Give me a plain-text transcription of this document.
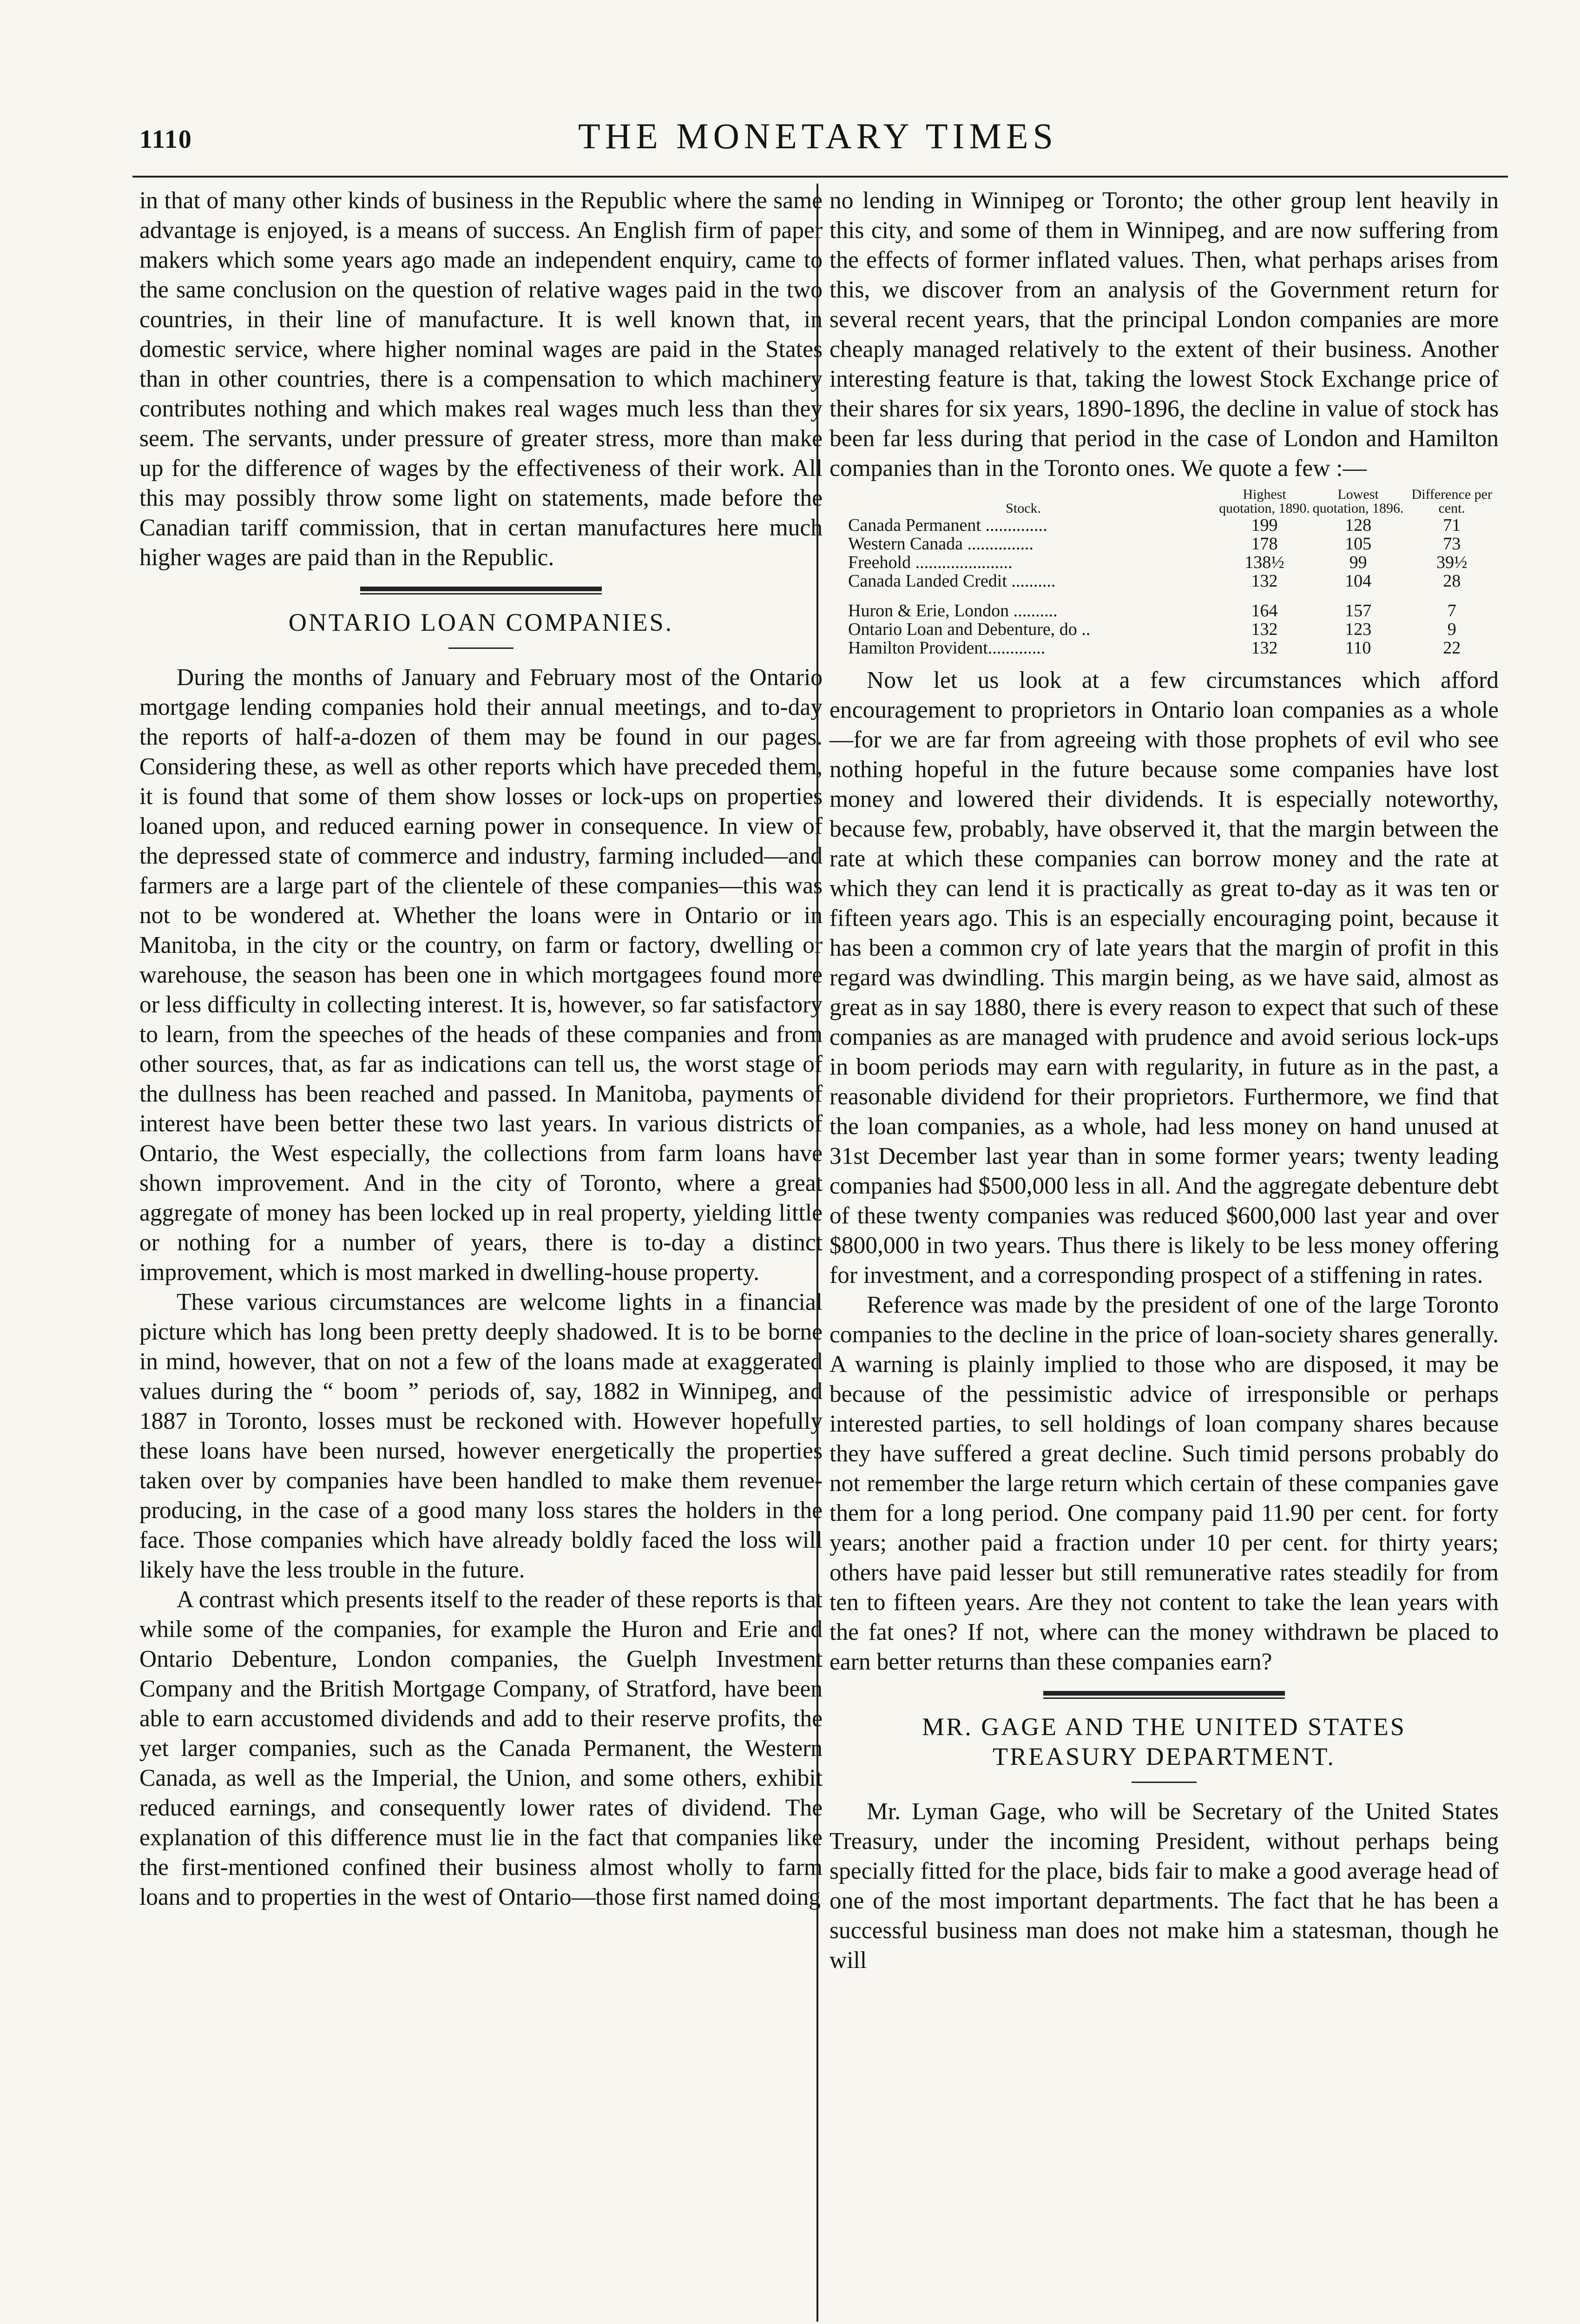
1110	THE MONETARY TIMES

in that of many other kinds of business in the Republic where the same advantage is enjoyed, is a means of success. An English firm of paper makers which some years ago made an independent enquiry, came to the same conclusion on the question of relative wages paid in the two countries, in their line of manufacture. It is well known that, in domestic service, where higher nominal wages are paid in the States than in other countries, there is a compensation to which machinery contributes nothing and which makes real wages much less than they seem. The servants, under pressure of greater stress, more than make up for the difference of wages by the effectiveness of their work. All this may possibly throw some light on statements, made before the Canadian tariff commission, that in certan manufactures here much higher wages are paid than in the Republic.

ONTARIO LOAN COMPANIES.

During the months of January and February most of the Ontario mortgage lending companies hold their annual meetings, and to-day the reports of half-a-dozen of them may be found in our pages. Considering these, as well as other reports which have preceded them, it is found that some of them show losses or lock-ups on properties loaned upon, and reduced earning power in consequence. In view of the depressed state of commerce and industry, farming included—and farmers are a large part of the clientele of these companies—this was not to be wondered at. Whether the loans were in Ontario or in Manitoba, in the city or the country, on farm or factory, dwelling or warehouse, the season has been one in which mortgagees found more or less difficulty in collecting interest. It is, however, so far satisfactory to learn, from the speeches of the heads of these companies and from other sources, that, as far as indications can tell us, the worst stage of the dullness has been reached and passed. In Manitoba, payments of interest have been better these two last years. In various districts of Ontario, the West especially, the collections from farm loans have shown improvement. And in the city of Toronto, where a great aggregate of money has been locked up in real property, yielding little or nothing for a number of years, there is to-day a distinct improvement, which is most marked in dwelling-house property.

These various circumstances are welcome lights in a financial picture which has long been pretty deeply shadowed. It is to be borne in mind, however, that on not a few of the loans made at exaggerated values during the “ boom ” periods of, say, 1882 in Winnipeg, and 1887 in Toronto, losses must be reckoned with. However hopefully these loans have been nursed, however energetically the properties taken over by companies have been handled to make them revenue-producing, in the case of a good many loss stares the holders in the face. Those companies which have already boldly faced the loss will likely have the less trouble in the future.

A contrast which presents itself to the reader of these reports is that while some of the companies, for example the Huron and Erie and Ontario Debenture, London companies, the Guelph Investment Company and the British Mortgage Company, of Stratford, have been able to earn accustomed dividends and add to their reserve profits, the yet larger companies, such as the Canada Permanent, the Western Canada, as well as the Imperial, the Union, and some others, exhibit reduced earnings, and consequently lower rates of dividend. The explanation of this difference must lie in the fact that companies like the first-mentioned confined their business almost wholly to farm loans and to properties in the west of Ontario—those first named doing

no lending in Winnipeg or Toronto; the other group lent heavily in this city, and some of them in Winnipeg, and are now suffering from the effects of former inflated values. Then, what perhaps arises from this, we discover from an analysis of the Government return for several recent years, that the principal London companies are more cheaply managed relatively to the extent of their business. Another interesting feature is that, taking the lowest Stock Exchange price of their shares for six years, 1890-1896, the decline in value of stock has been far less during that period in the case of London and Hamilton companies than in the Toronto ones. We quote a few :—

Stock.	Highest quotation, 1890.	Lowest quotation, 1896.	Difference per cent.
Canada Permanent ..............	199	128	71
Western Canada ...............	178	105	73
Freehold ......................	138½	99	39½
Canada Landed Credit ..........	132	104	28
Huron & Erie, London ..........	164	157	7
Ontario Loan and Debenture, do ..	132	123	9
Hamilton Provident.............	132	110	22

Now let us look at a few circumstances which afford encouragement to proprietors in Ontario loan companies as a whole—for we are far from agreeing with those prophets of evil who see nothing hopeful in the future because some companies have lost money and lowered their dividends. It is especially noteworthy, because few, probably, have observed it, that the margin between the rate at which these companies can borrow money and the rate at which they can lend it is practically as great to-day as it was ten or fifteen years ago. This is an especially encouraging point, because it has been a common cry of late years that the margin of profit in this regard was dwindling. This margin being, as we have said, almost as great as in say 1880, there is every reason to expect that such of these companies as are managed with prudence and avoid serious lock-ups in boom periods may earn with regularity, in future as in the past, a reasonable dividend for their proprietors. Furthermore, we find that the loan companies, as a whole, had less money on hand unused at 31st December last year than in some former years; twenty leading companies had $500,000 less in all. And the aggregate debenture debt of these twenty companies was reduced $600,000 last year and over $800,000 in two years. Thus there is likely to be less money offering for investment, and a corresponding prospect of a stiffening in rates.

Reference was made by the president of one of the large Toronto companies to the decline in the price of loan-society shares generally. A warning is plainly implied to those who are disposed, it may be because of the pessimistic advice of irresponsible or perhaps interested parties, to sell holdings of loan company shares because they have suffered a great decline. Such timid persons probably do not remember the large return which certain of these companies gave them for a long period. One company paid 11.90 per cent. for forty years; another paid a fraction under 10 per cent. for thirty years; others have paid lesser but still remunerative rates steadily for from ten to fifteen years. Are they not content to take the lean years with the fat ones? If not, where can the money withdrawn be placed to earn better returns than these companies earn?

MR. GAGE AND THE UNITED STATES
TREASURY DEPARTMENT.

Mr. Lyman Gage, who will be Secretary of the United States Treasury, under the incoming President, without perhaps being specially fitted for the place, bids fair to make a good average head of one of the most important departments. The fact that he has been a successful business man does not make him a statesman, though he will
